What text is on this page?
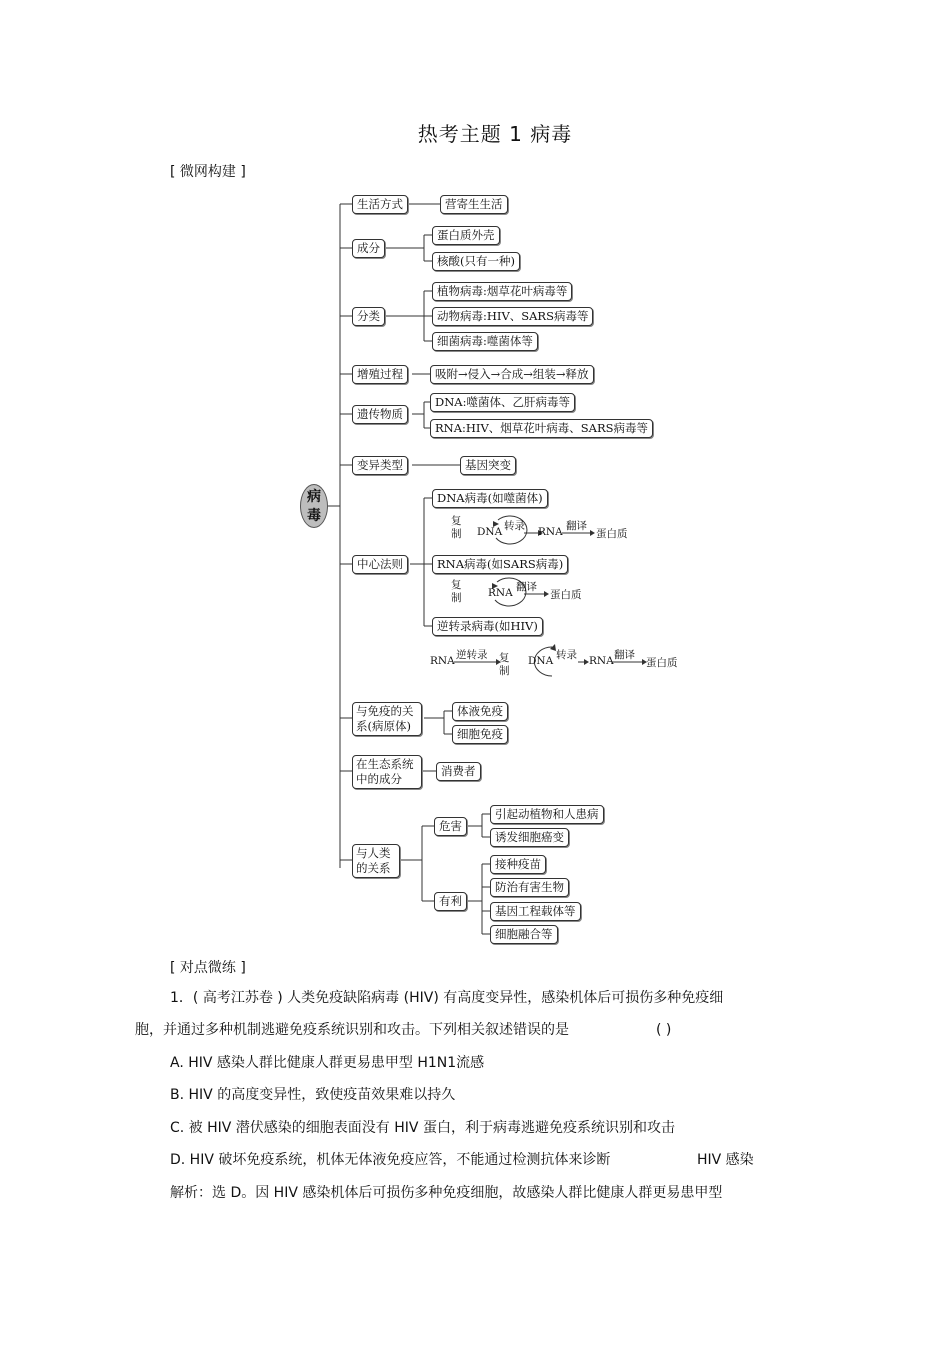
热考主题 1 病毒
[ 微网构建 ]
病毒
生活方式
成分
分类
增殖过程
遗传物质
变异类型
中心法则
与免疫的关系(病原体)
在生态系统中的成分
与人类的关系
营寄生生活
蛋白质外壳
核酸(只有一种)
植物病毒:烟草花叶病毒等
动物病毒:HIV、SARS病毒等
细菌病毒:噬菌体等
吸附→侵入→合成→组装→释放
DNA:噬菌体、乙肝病毒等
RNA:HIV、烟草花叶病毒、SARS病毒等
基因突变
DNA病毒(如噬菌体)
RNA病毒(如SARS病毒)
逆转录病毒(如HIV)
体液免疫
细胞免疫
消费者
危害
有利
引起动植物和人患病
诱发细胞癌变
接种疫苗
防治有害生物
基因工程载体等
细胞融合等
复
制 DNA 转录 RNA 翻译
蛋白质
复
制	RNA 翻译
蛋白质
RNA 逆转录 复
制
DNA 转录 RNA 翻译
蛋白质
[ 对点微练 ]
1．( 高考江苏卷 ) 人类免疫缺陷病毒 (HIV) 有高度变异性，感染机体后可损伤多种免疫细
胞，并通过多种机制逃避免疫系统识别和攻击。下列相关叙述错误的是	( )
A. HIV 感染人群比健康人群更易患甲型 H1N1流感
B. HIV 的高度变异性，致使疫苗效果难以持久
C. 被 HIV 潜伏感染的细胞表面没有 HIV 蛋白，利于病毒逃避免疫系统识别和攻击
D. HIV 破坏免疫系统，机体无体液免疫应答，不能通过检测抗体来诊断	HIV 感染
解析：选 D。因 HIV 感染机体后可损伤多种免疫细胞，故感染人群比健康人群更易患甲型
